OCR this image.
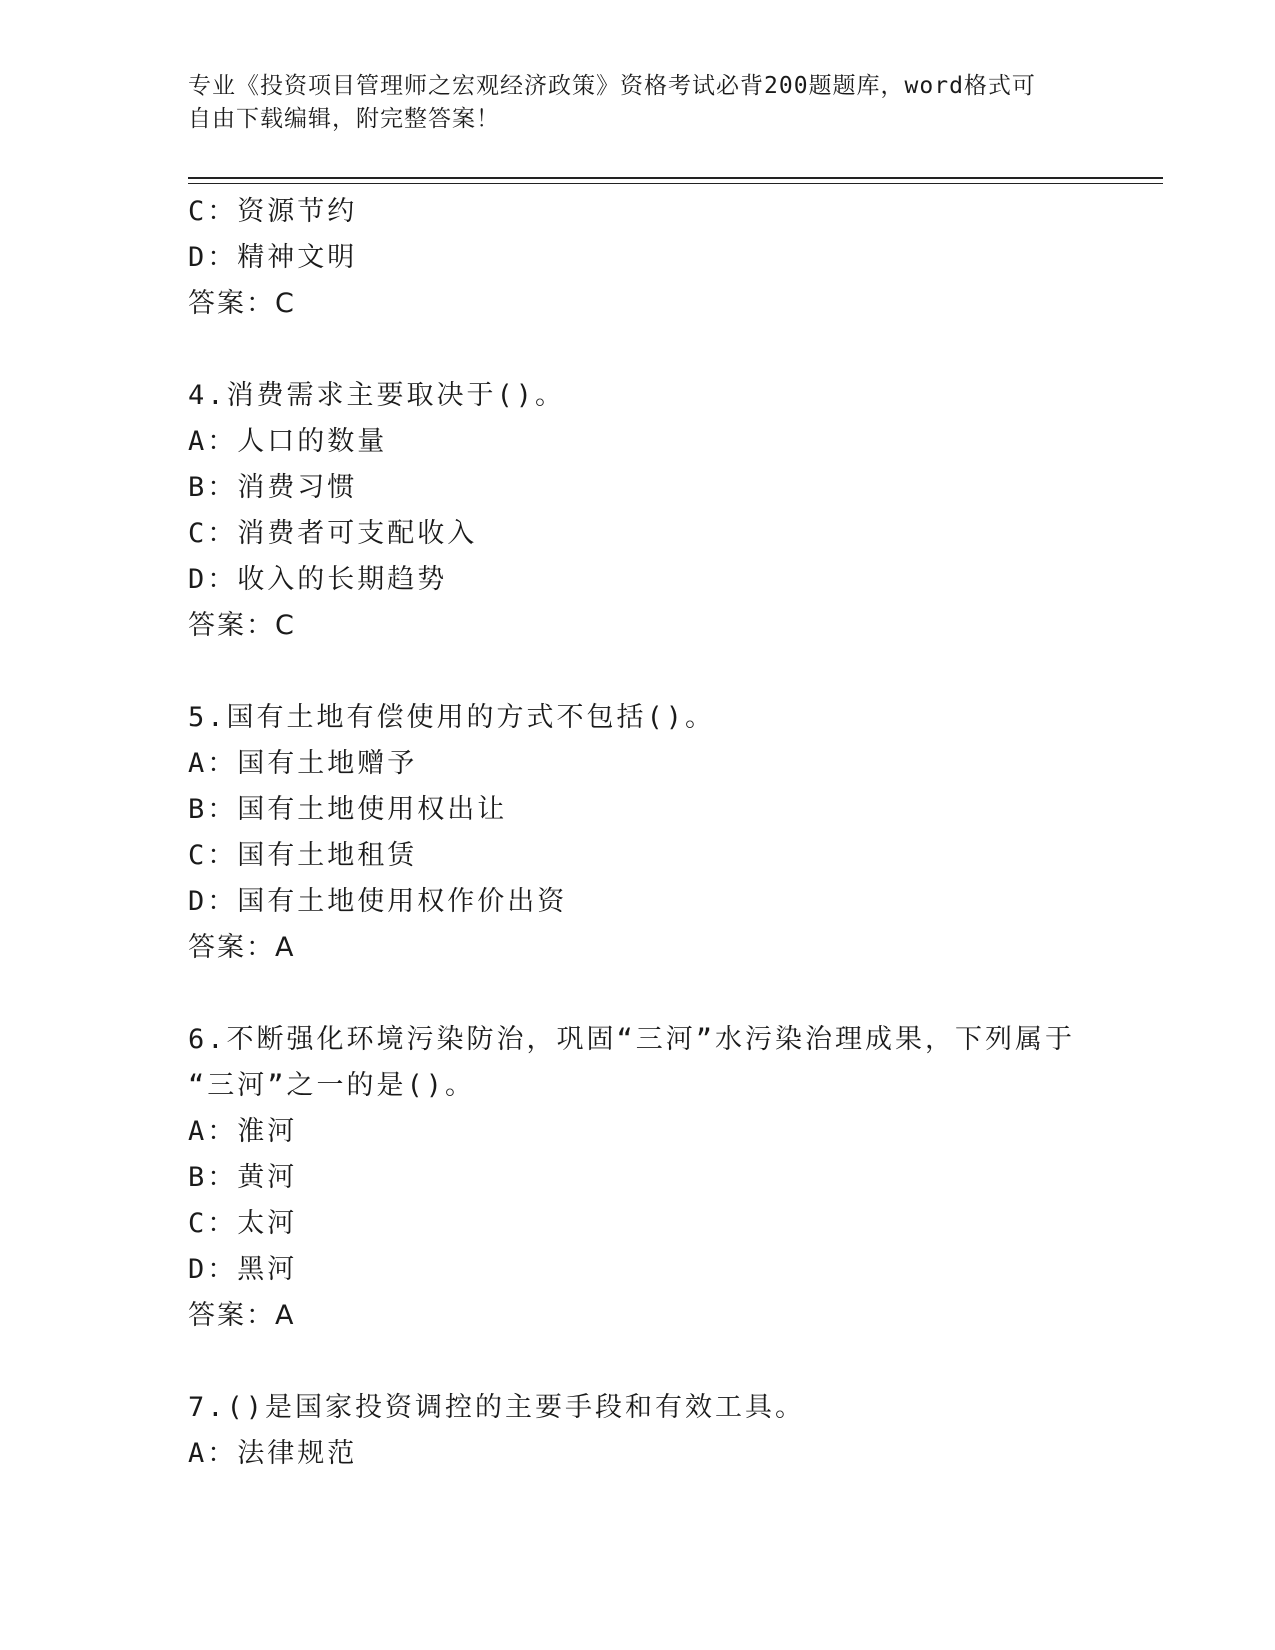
专业《投资项目管理师之宏观经济政策》资格考试必背200题题库，word格式可
自由下载编辑，附完整答案！
C：资源节约
D：精神文明
答案：C
4.消费需求主要取决于()。
A：人口的数量
B：消费习惯
C：消费者可支配收入
D：收入的长期趋势
答案：C
5.国有土地有偿使用的方式不包括()。
A：国有土地赠予
B：国有土地使用权出让
C：国有土地租赁
D：国有土地使用权作价出资
答案：A
6.不断强化环境污染防治，巩固“三河”水污染治理成果，下列属于
“三河”之一的是()。
A：淮河
B：黄河
C：太河
D：黑河
答案：A
7.()是国家投资调控的主要手段和有效工具。
A：法律规范
